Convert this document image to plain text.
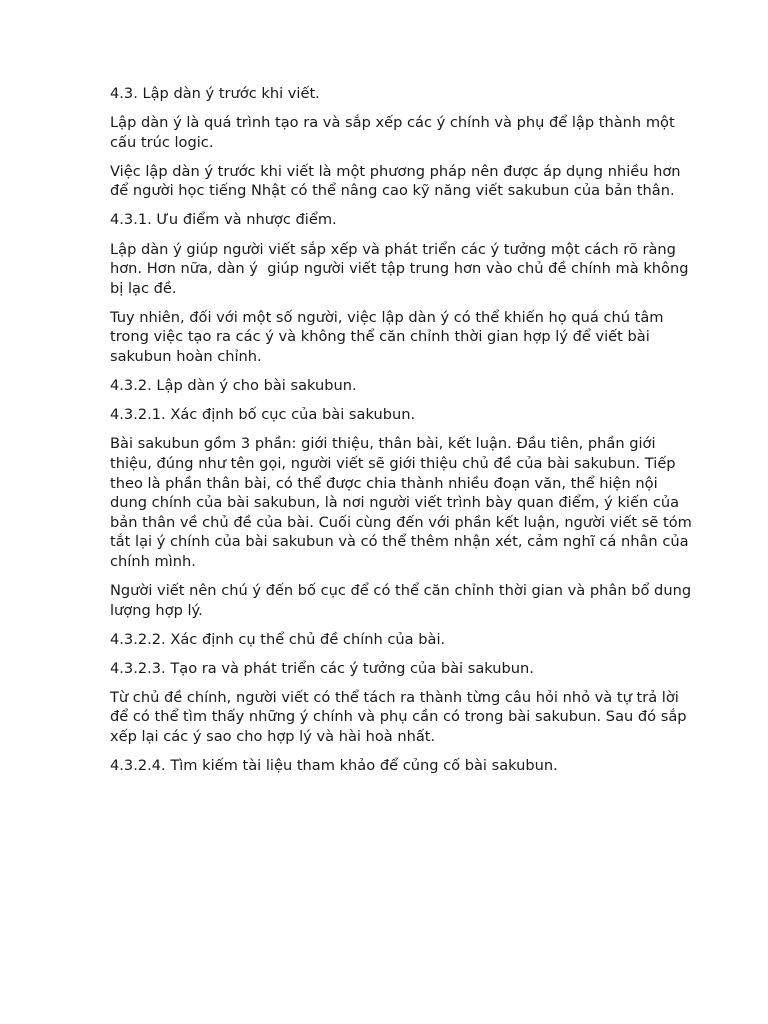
4.3. Lập dàn ý trước khi viết.

Lập dàn ý là quá trình tạo ra và sắp xếp các ý chính và phụ để lập thành một cấu trúc logic.

Việc lập dàn ý trước khi viết là một phương pháp nên được áp dụng nhiều hơn để người học tiếng Nhật có thể nâng cao kỹ năng viết sakubun của bản thân.

4.3.1. Ưu điểm và nhược điểm.

Lập dàn ý giúp người viết sắp xếp và phát triển các ý tưởng một cách rõ ràng hơn. Hơn nữa, dàn ý  giúp người viết tập trung hơn vào chủ đề chính mà không bị lạc đề.

Tuy nhiên, đối với một số người, việc lập dàn ý có thể khiến họ quá chú tâm trong việc tạo ra các ý và không thể căn chỉnh thời gian hợp lý để viết bài sakubun hoàn chỉnh.

4.3.2. Lập dàn ý cho bài sakubun.

4.3.2.1. Xác định bố cục của bài sakubun.

Bài sakubun gồm 3 phần: giới thiệu, thân bài, kết luận. Đầu tiên, phần giới thiệu, đúng như tên gọi, người viết sẽ giới thiệu chủ đề của bài sakubun. Tiếp theo là phần thân bài, có thể được chia thành nhiều đoạn văn, thể hiện nội dung chính của bài sakubun, là nơi người viết trình bày quan điểm, ý kiến của bản thân về chủ đề của bài. Cuối cùng đến với phần kết luận, người viết sẽ tóm tắt lại ý chính của bài sakubun và có thể thêm nhận xét, cảm nghĩ cá nhân của chính mình.

Người viết nên chú ý đến bố cục để có thể căn chỉnh thời gian và phân bổ dung lượng hợp lý.

4.3.2.2. Xác định cụ thể chủ đề chính của bài.

4.3.2.3. Tạo ra và phát triển các ý tưởng của bài sakubun.

Từ chủ đề chính, người viết có thể tách ra thành từng câu hỏi nhỏ và tự trả lời để có thể tìm thấy những ý chính và phụ cần có trong bài sakubun. Sau đó sắp xếp lại các ý sao cho hợp lý và hài hoà nhất.

4.3.2.4. Tìm kiếm tài liệu tham khảo để củng cố bài sakubun.
